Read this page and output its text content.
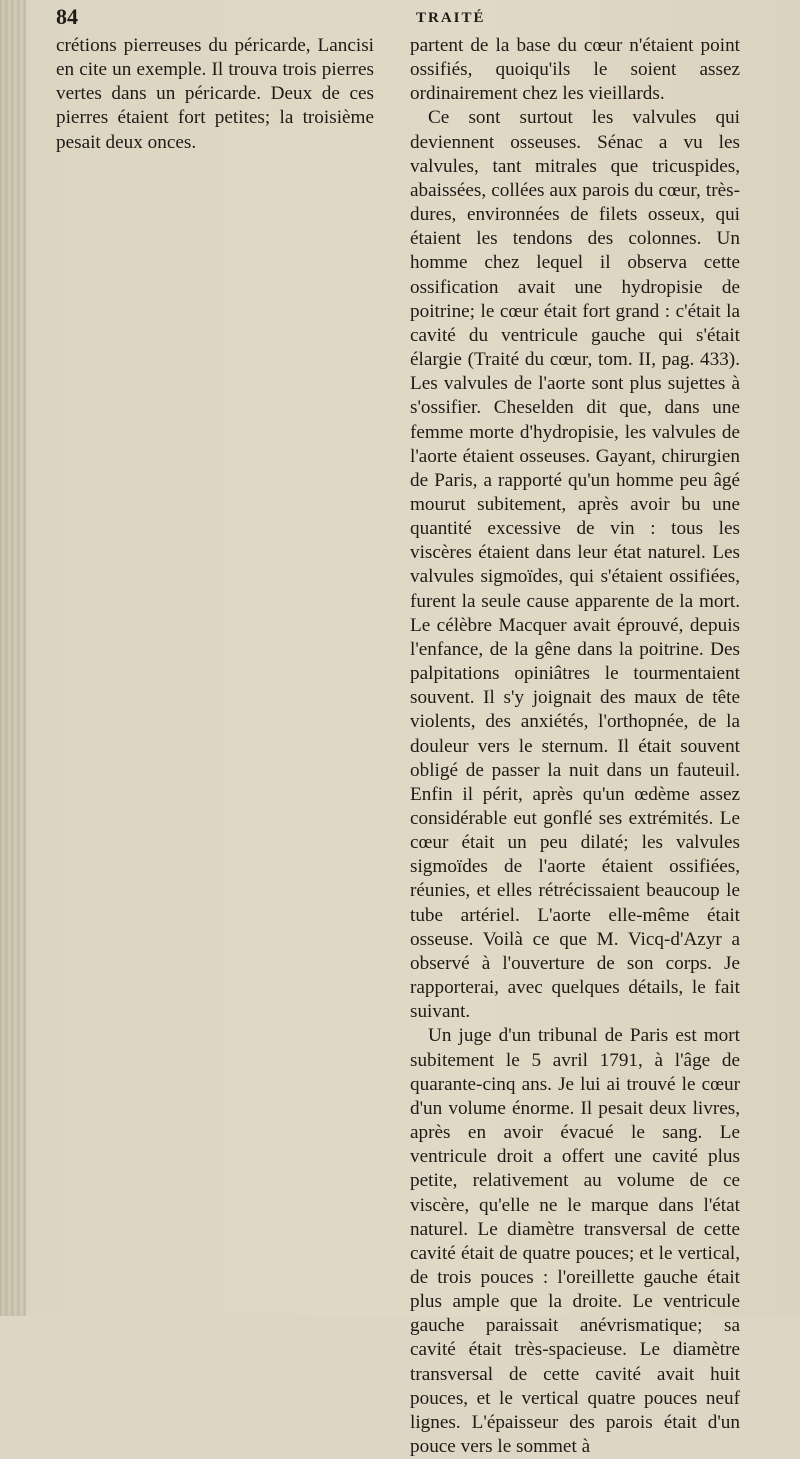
84	TRAITÉ

crétions pierreuses du péricarde, Lancisi en cite un exemple. Il trouva trois pierres vertes dans un péricarde. Deux de ces pierres étaient fort petites; la troisième pesait deux onces.

partent de la base du cœur n'étaient point ossifiés, quoiqu'ils le soient assez ordinairement chez les vieillards.

Ce sont surtout les valvules qui deviennent osseuses. Sénac a vu les valvules, tant mitrales que tricuspides, abaissées, collées aux parois du cœur, très-dures, environnées de filets osseux, qui étaient les tendons des colonnes. Un homme chez lequel il observa cette ossification avait une hydropisie de poitrine; le cœur était fort grand : c'était la cavité du ventricule gauche qui s'était élargie (Traité du cœur, tom. II, pag. 433). Les valvules de l'aorte sont plus sujettes à s'ossifier. Cheselden dit que, dans une femme morte d'hydropisie, les valvules de l'aorte étaient osseuses. Gayant, chirurgien de Paris, a rapporté qu'un homme peu âgé mourut subitement, après avoir bu une quantité excessive de vin : tous les viscères étaient dans leur état naturel. Les valvules sigmoïdes, qui s'étaient ossifiées, furent la seule cause apparente de la mort. Le célèbre Macquer avait éprouvé, depuis l'enfance, de la gêne dans la poitrine. Des palpitations opiniâtres le tourmentaient souvent. Il s'y joignait des maux de tête violents, des anxiétés, l'orthopnée, de la douleur vers le sternum. Il était souvent obligé de passer la nuit dans un fauteuil. Enfin il périt, après qu'un œdème assez considérable eut gonflé ses extrémités. Le cœur était un peu dilaté; les valvules sigmoïdes de l'aorte étaient ossifiées, réunies, et elles rétrécissaient beaucoup le tube artériel. L'aorte elle-même était osseuse. Voilà ce que M. Vicq-d'Azyr a observé à l'ouverture de son corps. Je rapporterai, avec quelques détails, le fait suivant.

Un juge d'un tribunal de Paris est mort subitement le 5 avril 1791, à l'âge de quarante-cinq ans. Je lui ai trouvé le cœur d'un volume énorme. Il pesait deux livres, après en avoir évacué le sang. Le ventricule droit a offert une cavité plus petite, relativement au volume de ce viscère, qu'elle ne le marque dans l'état naturel. Le diamètre transversal de cette cavité était de quatre pouces; et le vertical, de trois pouces : l'oreillette gauche était plus ample que la droite. Le ventricule gauche paraissait anévrismatique; sa cavité était très-spacieuse. Le diamètre transversal de cette cavité avait huit pouces, et le vertical quatre pouces neuf lignes. L'épaisseur des parois était d'un pouce vers le sommet à
